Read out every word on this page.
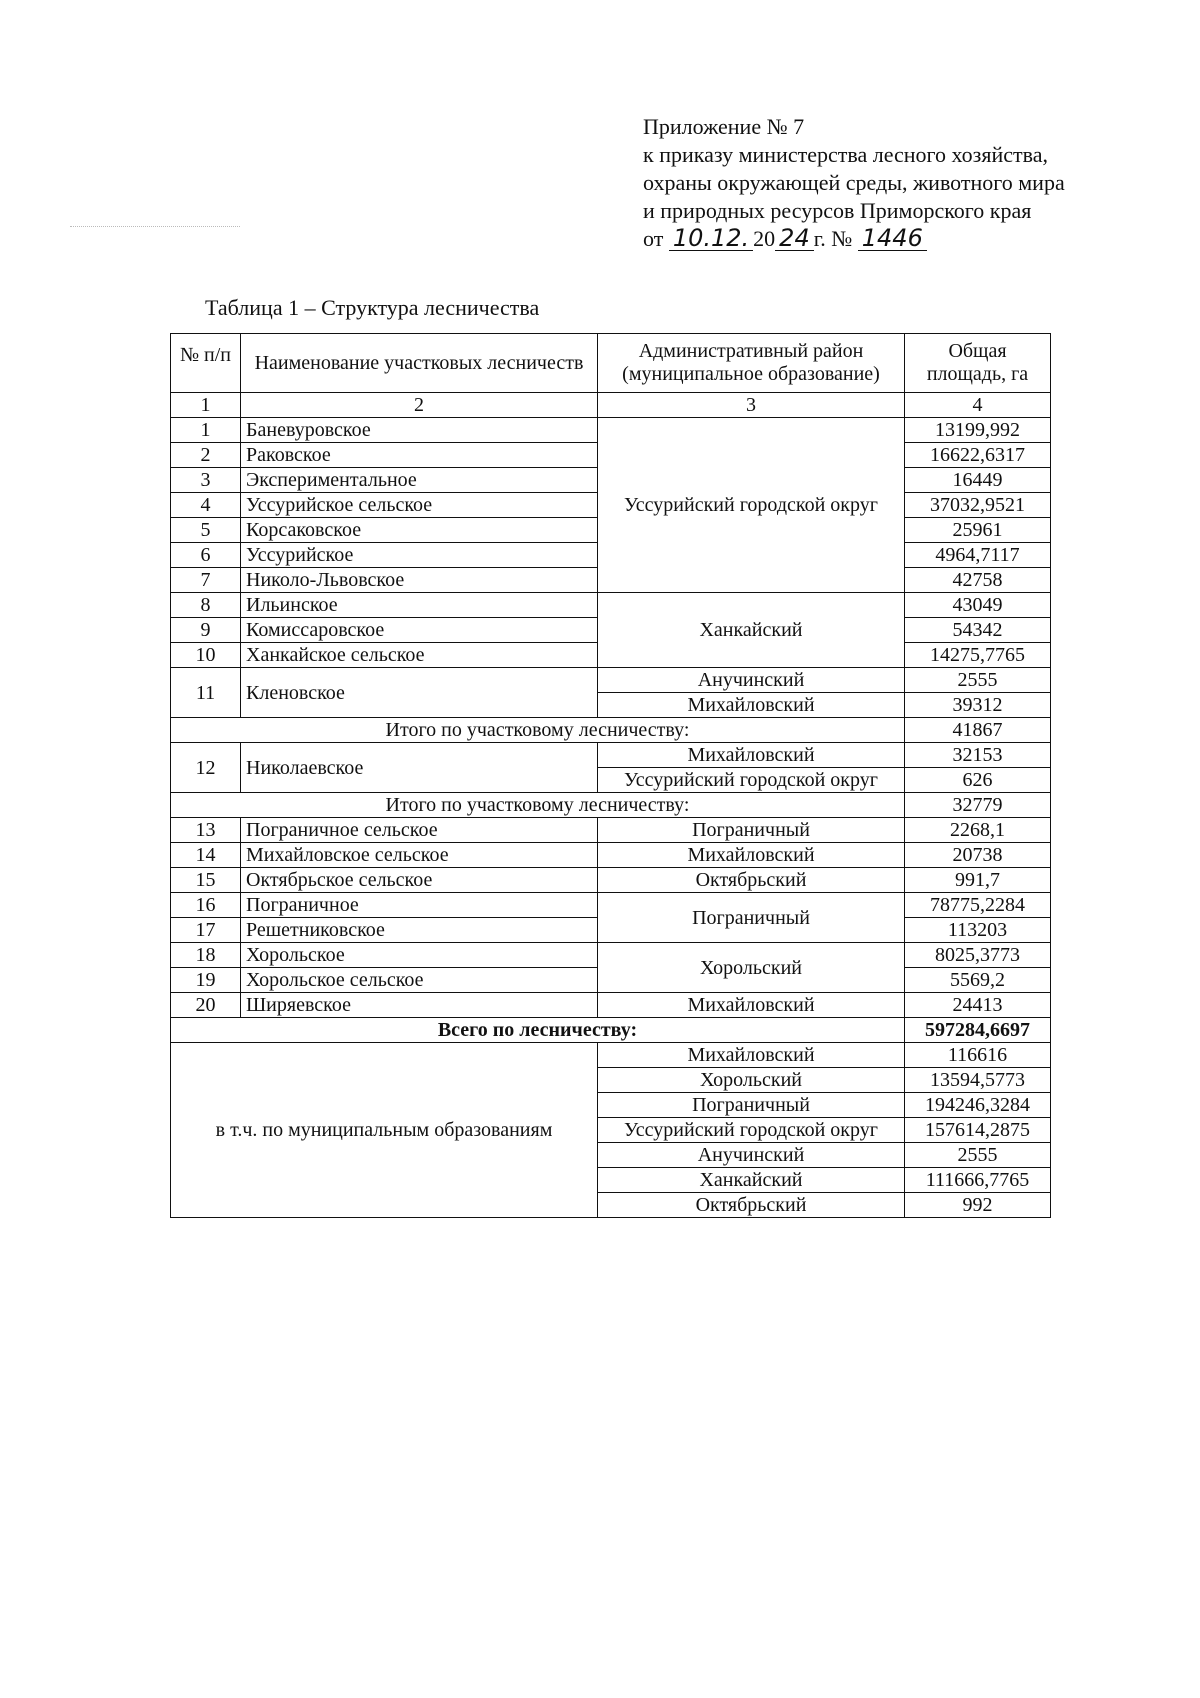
Приложение № 7
к приказу министерства лесного хозяйства,
охраны окружающей среды, животного мира
и природных ресурсов Приморского края
от 10.12. 20 24 г. № 1446
Таблица 1 – Структура лесничества
№ п/п	Наименование участковых лесничеств	Административный район (муниципальное образование)	Общая площадь, га
1	2	3	4
1	Баневуровское	Уссурийский городской округ	13199,992
2	Раковское		16622,6317
3	Экспериментальное		16449
4	Уссурийское сельское		37032,9521
5	Корсаковское		25961
6	Уссурийское		4964,7117
7	Николо-Львовское		42758
8	Ильинское	Ханкайский	43049
9	Комиссаровское		54342
10	Ханкайское сельское		14275,7765
11	Кленовское	Анучинский	2555
		Михайловский	39312
Итого по участковому лесничеству:			41867
12	Николаевское	Михайловский	32153
		Уссурийский городской округ	626
Итого по участковому лесничеству:			32779
13	Пограничное сельское	Пограничный	2268,1
14	Михайловское сельское	Михайловский	20738
15	Октябрьское сельское	Октябрьский	991,7
16	Пограничное	Пограничный	78775,2284
17	Решетниковское		113203
18	Хорольское	Хорольский	8025,3773
19	Хорольское сельское		5569,2
20	Ширяевское	Михайловский	24413
Всего по лесничеству:			597284,6697
в т.ч. по муниципальным образованиям		Михайловский	116616
		Хорольский	13594,5773
		Пограничный	194246,3284
		Уссурийский городской округ	157614,2875
		Анучинский	2555
		Ханкайский	111666,7765
		Октябрьский	992
